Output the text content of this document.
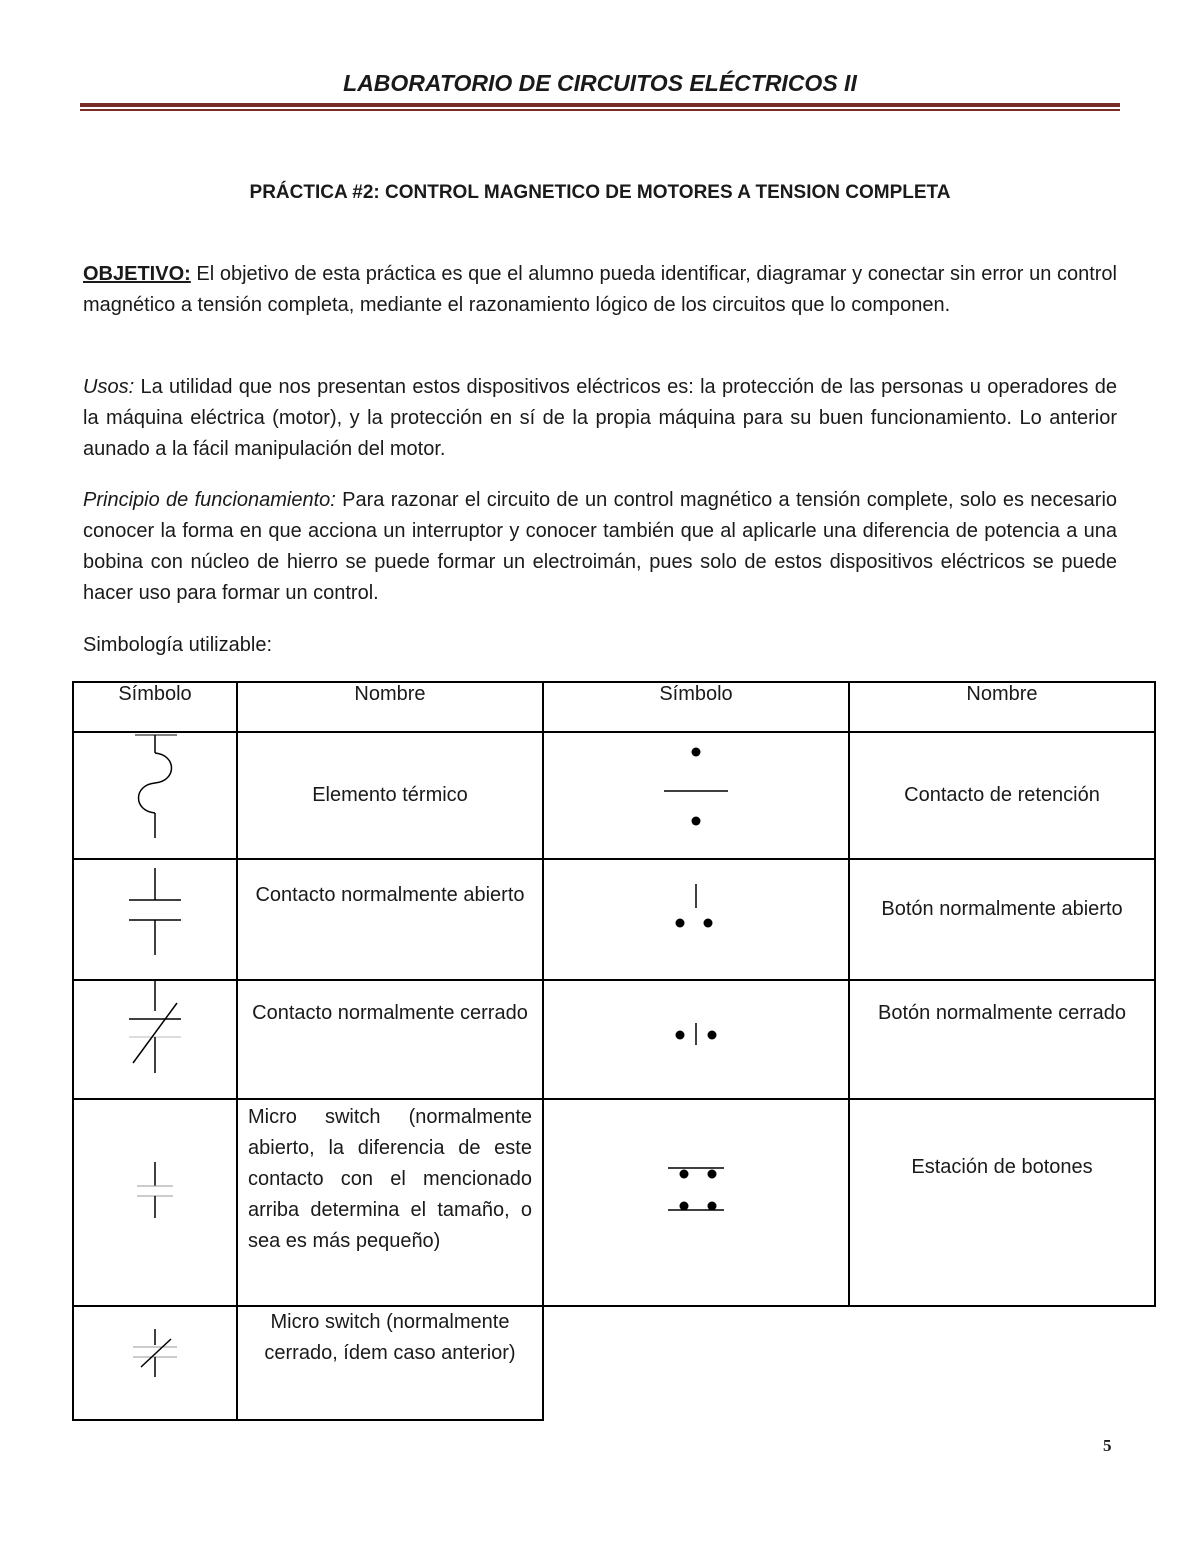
LABORATORIO DE CIRCUITOS ELÉCTRICOS II
PRÁCTICA #2: CONTROL MAGNETICO DE MOTORES A TENSION COMPLETA

OBJETIVO: El objetivo de esta práctica es que el alumno pueda identificar, diagramar y conectar sin error un control magnético a tensión completa, mediante el razonamiento lógico de los circuitos que lo componen.

Usos: La utilidad que nos presentan estos dispositivos eléctricos es: la protección de las personas u operadores de la máquina eléctrica (motor), y la protección en sí de la propia máquina para su buen funcionamiento. Lo anterior aunado a la fácil manipulación del motor.

Principio de funcionamiento: Para razonar el circuito de un control magnético a tensión complete, solo es necesario conocer la forma en que acciona un interruptor y conocer también que al aplicarle una diferencia de potencia a una bobina con núcleo de hierro se puede formar un electroimán, pues solo de estos dispositivos eléctricos se puede hacer uso para formar un control.

Simbología utilizable:

Símbolo	Nombre	Símbolo	Nombre

Elemento térmico		Contacto de retención

Contacto normalmente abierto		Botón normalmente abierto

Contacto normalmente cerrado		Botón normalmente cerrado

Micro switch (normalmente abierto, la diferencia de este contacto con el mencionado arriba determina el tamaño, o sea es más pequeño)		Estación de botones

Micro switch (normalmente cerrado, ídem caso anterior)		

5
